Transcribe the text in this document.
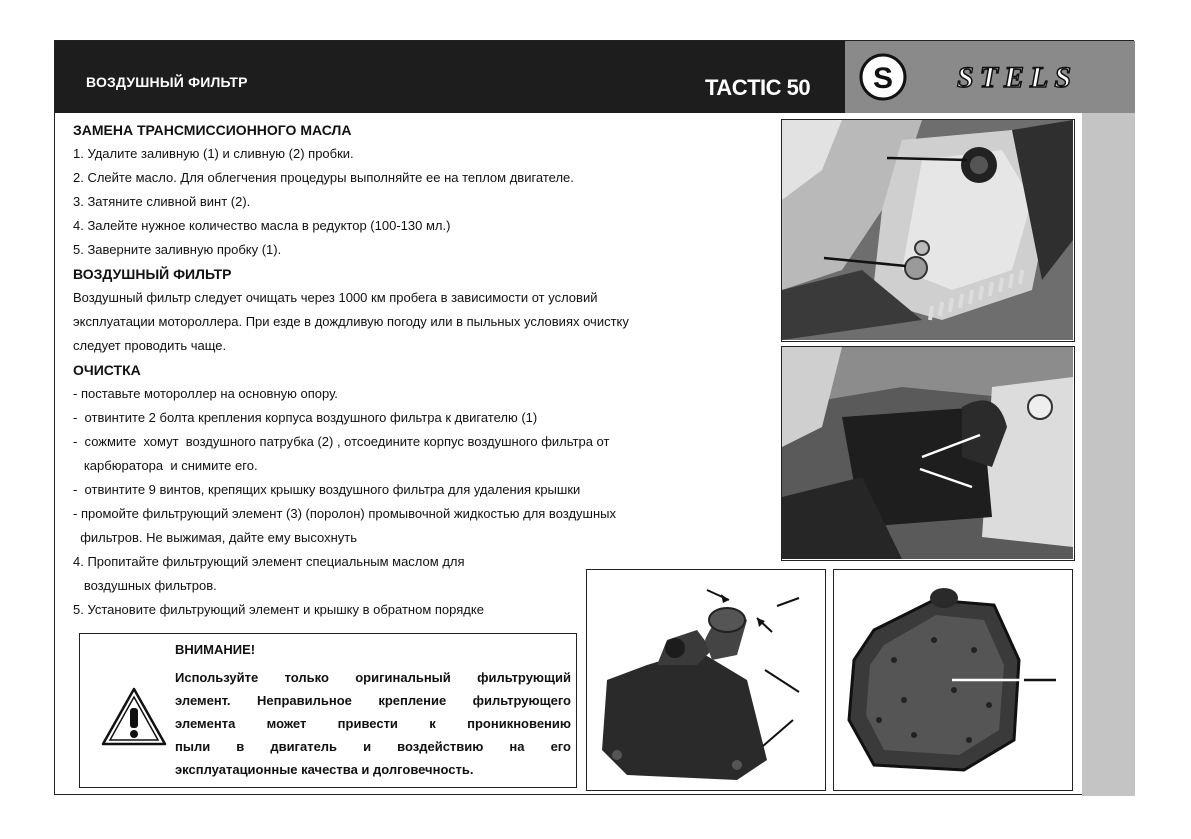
ВОЗДУШНЫЙ ФИЛЬТР	TACTIC 50 S STELS
ЗАМЕНА ТРАНСМИССИОННОГО МАСЛА
1. Удалите заливную (1) и сливную (2) пробки.
2. Слейте масло. Для облегчения процедуры выполняйте ее на теплом двигателе.
3. Затяните сливной винт (2).
4. Залейте нужное количество масла в редуктор (100-130 мл.)
5. Заверните заливную пробку (1).
ВОЗДУШНЫЙ ФИЛЬТР
Воздушный фильтр следует очищать через 1000 км пробега в зависимости от условий
эксплуатации мотороллера. При езде в дождливую погоду или в пыльных условиях очистку
следует проводить чаще.
ОЧИСТКА
- поставьте мотороллер на основную опору.
-  отвинтите 2 болта крепления корпуса воздушного фильтра к двигателю (1)
-  сожмите  хомут  воздушного патрубка (2) , отсоедините корпус воздушного фильтра от
карбюратора  и снимите его.
-  отвинтите 9 винтов, крепящих крышку воздушного фильтра для удаления крышки
- промойте фильтрующий элемент (3) (поролон) промывочной жидкостью для воздушных
фильтров. Не выжимая, дайте ему высохнуть
4. Пропитайте фильтрующий элемент специальным маслом для
воздушных фильтров.
5. Установите фильтрующий элемент и крышку в обратном порядке
ВНИМАНИЕ!
Используйте только оригинальный фильтрующий
элемент. Неправильное крепление фильтрующего
элемента может привести к проникновению
пыли в двигатель и воздействию на его
эксплуатационные качества и долговечность.
